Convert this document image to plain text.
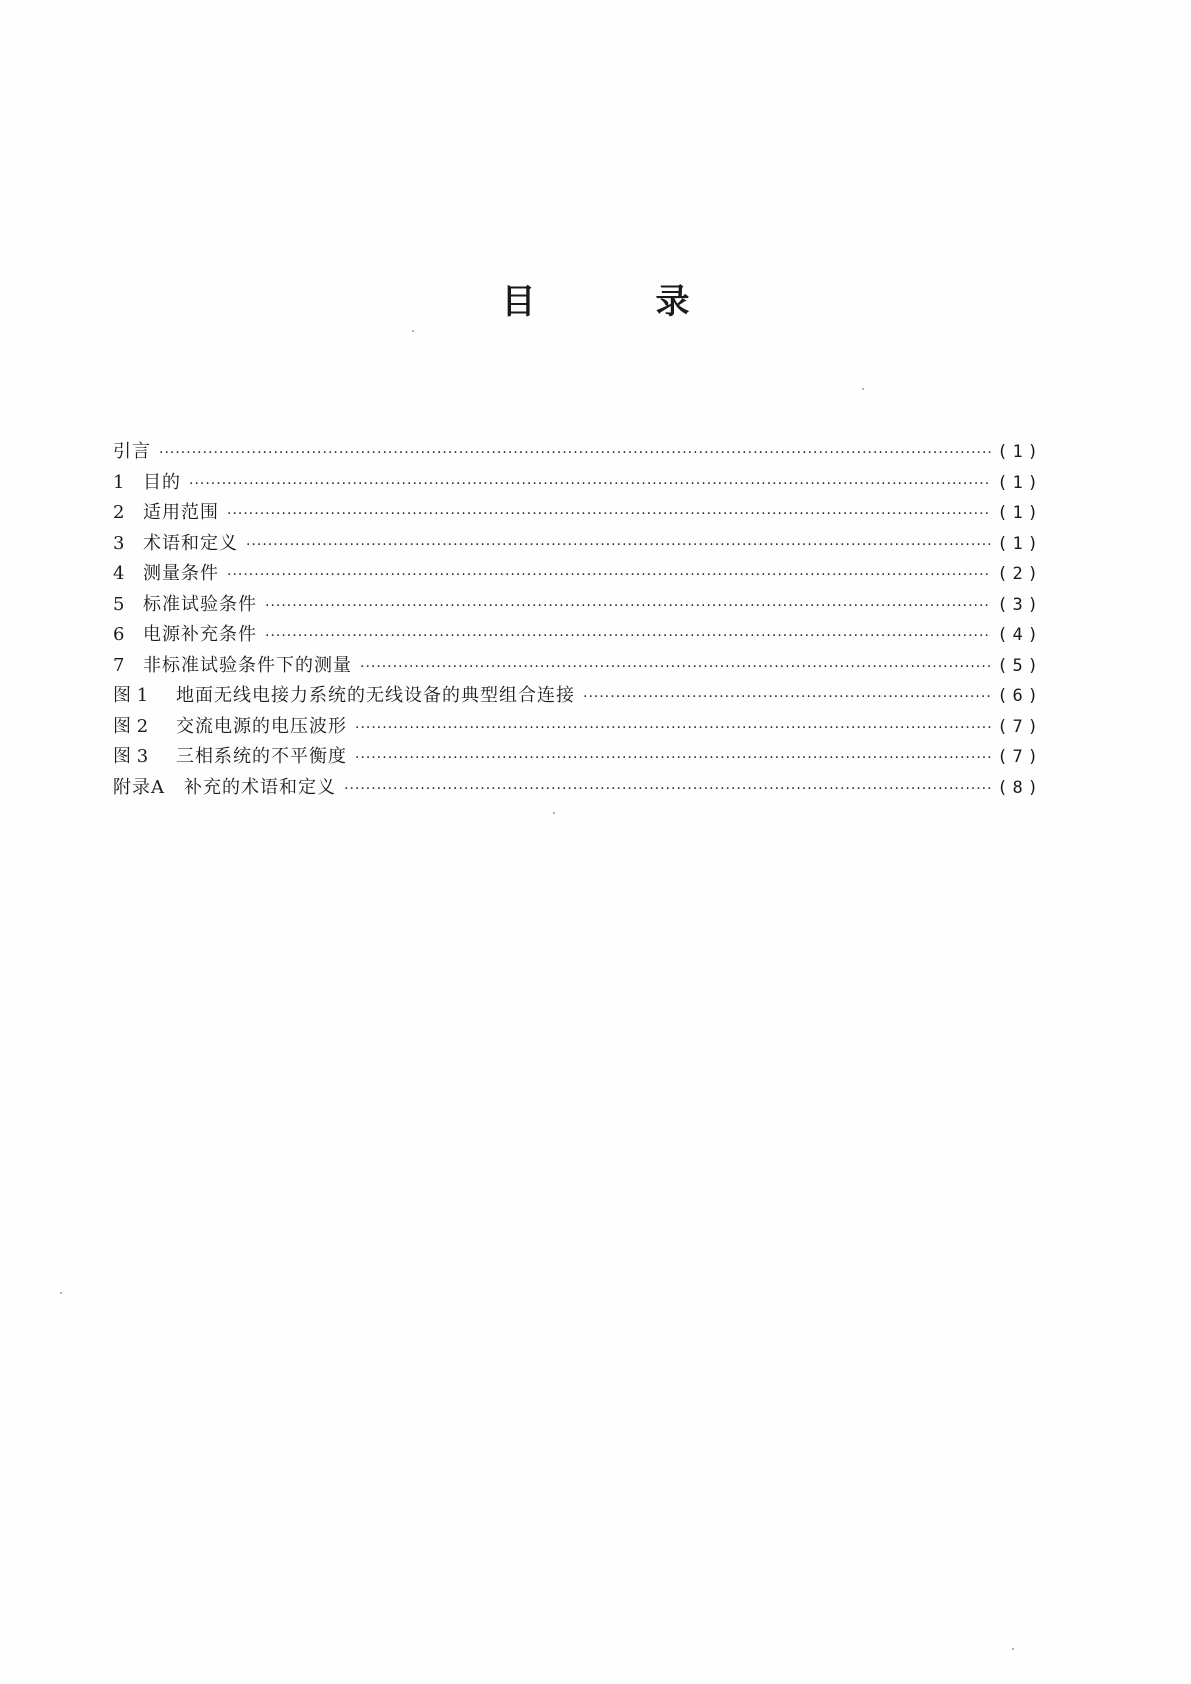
目	录
引言 ·····	(1)
1	目的 ·····	(1)
2	适用范围 ·····	(1)
3	术语和定义 ·····	(1)
4	测量条件 ·····	(2)
5	标准试验条件 ·····	(3)
6	电源补充条件 ·····	(4)
7	非标准试验条件下的测量 ·····	(5)
图 1	地面无线电接力系统的无线设备的典型组合连接 ·····	(6)
图 2	交流电源的电压波形 ·····	(7)
图 3	三相系统的不平衡度 ·····	(7)
附录A　补充的术语和定义 ·····	(8)
